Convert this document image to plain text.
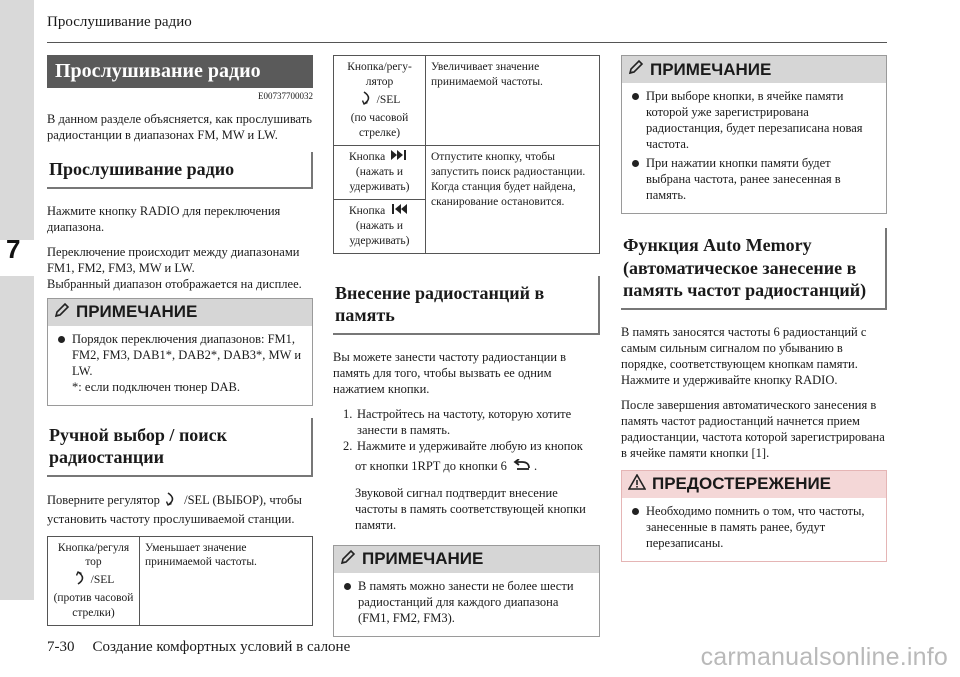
7
Прослушивание радио
Прослушивание радио
E00737700032

В данном разделе объясняется, как прослушивать радиостанции в диапазонах FM, MW и LW.

Прослушивание радио

Нажмите кнопку RADIO для переключения диапазона.

Переключение происходит между диапазонами FM1, FM2, FM3, MW и LW.
Выбранный диапазон отображается на дисплее.
ПРИМЕЧАНИЕ
Порядок переключения диапазонов: FM1, FM2, FM3, DAB1*, DAB2*, DAB3*, MW и LW.
*: если подключен тюнер DAB.
Ручной выбор / поиск радиостанции

Поверните регулятор /SEL (ВЫБОР), чтобы установить частоту прослушиваемой станции.

Кнопка/регуля тор
/SEL
(против часовой стрелки)
	Уменьшает значение принимаемой частоты.
Кнопка/регу- лятор
/SEL
(по часовой стрелке)	Увеличивает значение принимаемой частоты.

Кнопка
(нажать и удерживать)	Отпустите кнопку, чтобы запустить поиск радиостанции. Когда станция будет найдена, сканирование остановится.

Кнопка
(нажать и удерживать)	
Внесение радиостанций в память

Вы можете занести частоту радиостанции в память для того, чтобы вызвать ее одним нажатием кнопки.

1. Настройтесь на частоту, которую хотите занести в память.
2. Нажмите и удерживайте любую из кнопок
от кнопки 1RPT до кнопки 6 .
Звуковой сигнал подтвердит внесение частоты в память соответствующей кнопки памяти.
ПРИМЕЧАНИЕ
В память можно занести не более шести радиостанций для каждого диапазона (FM1, FM2, FM3).
ПРИМЕЧАНИЕ
При выборе кнопки, в ячейке памяти которой уже зарегистрирована радиостанция, будет перезаписана новая частота.
При нажатии кнопки памяти будет выбрана частота, ранее занесенная в память.
Функция Auto Memory (автоматическое занесение в память частот радиостанций)

В память заносятся частоты 6 радиостанций с самым сильным сигналом по убыванию в порядке, соответствующем кнопкам памяти. Нажмите и удерживайте кнопку RADIO.

После завершения автоматического занесения в память частот радиостанций начнется прием радиостанции, частота которой зарегистрирована в ячейке памяти кнопки [1].

ПРЕДОСТЕРЕЖЕНИЕ
Необходимо помнить о том, что частоты, занесенные в память ранее, будут перезаписаны.
7-30 Создание комфортных условий в салоне	carmanualsonline.info
